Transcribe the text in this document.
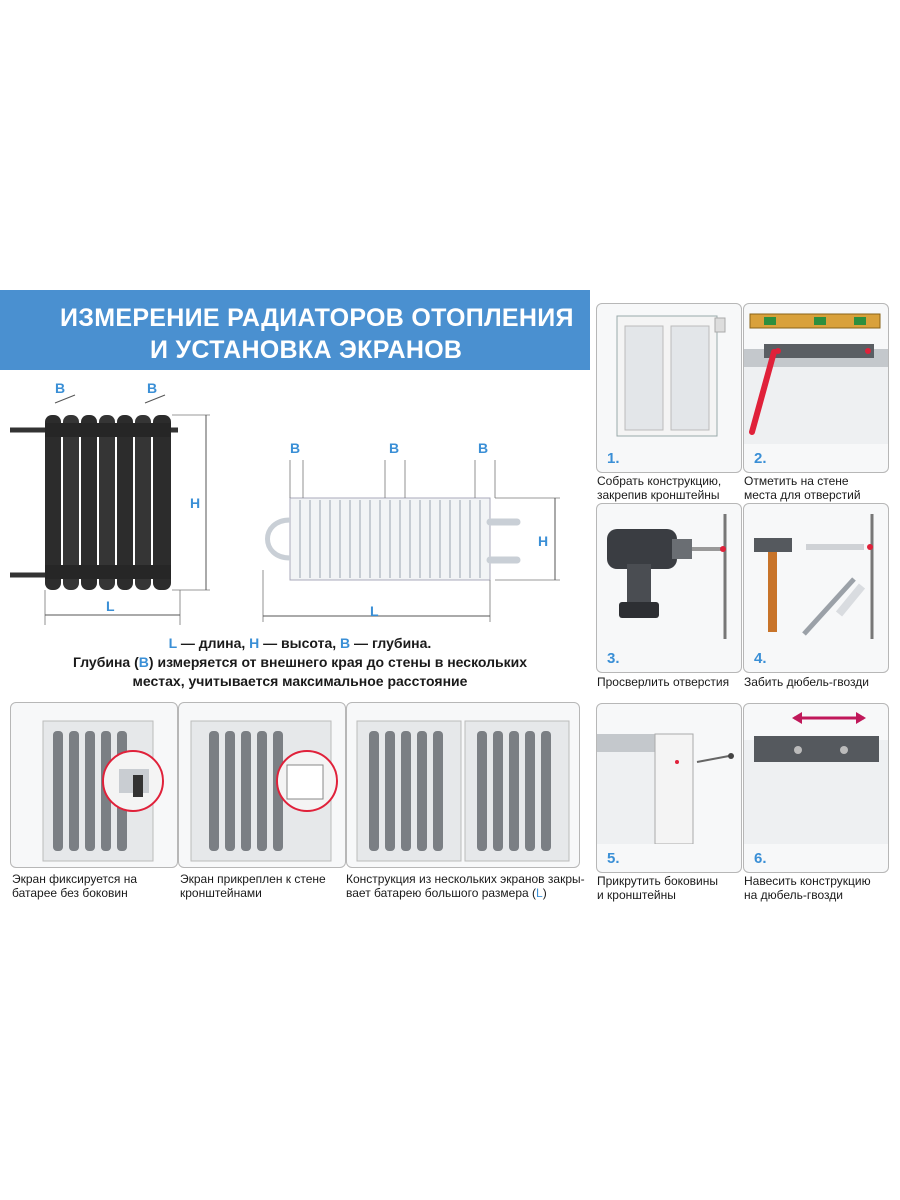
ИЗМЕРЕНИЕ РАДИАТОРОВ ОТОПЛЕНИЯ
И УСТАНОВКА ЭКРАНОВ
B	B
H
L
B	B	B
H
L
L — длина, H — высота, B — глубина.
Глубина (B) измеряется от внешнего края до стены в нескольких
местах, учитывается максимальное расстояние
Экран фиксируется на
батарее без боковин
Экран прикреплен к стене
кронштейнами
Конструкция из нескольких экранов закры-
вает батарею большого размера (L)
1.	2.
Собрать конструкцию,
закрепив кронштейны
Отметить на стене
места для отверстий
3.	4.
Просверлить отверстия Забить дюбель-гвозди
5.	6.
Прикрутить боковины
и кронштейны
Навесить конструкцию
на дюбель-гвозди
